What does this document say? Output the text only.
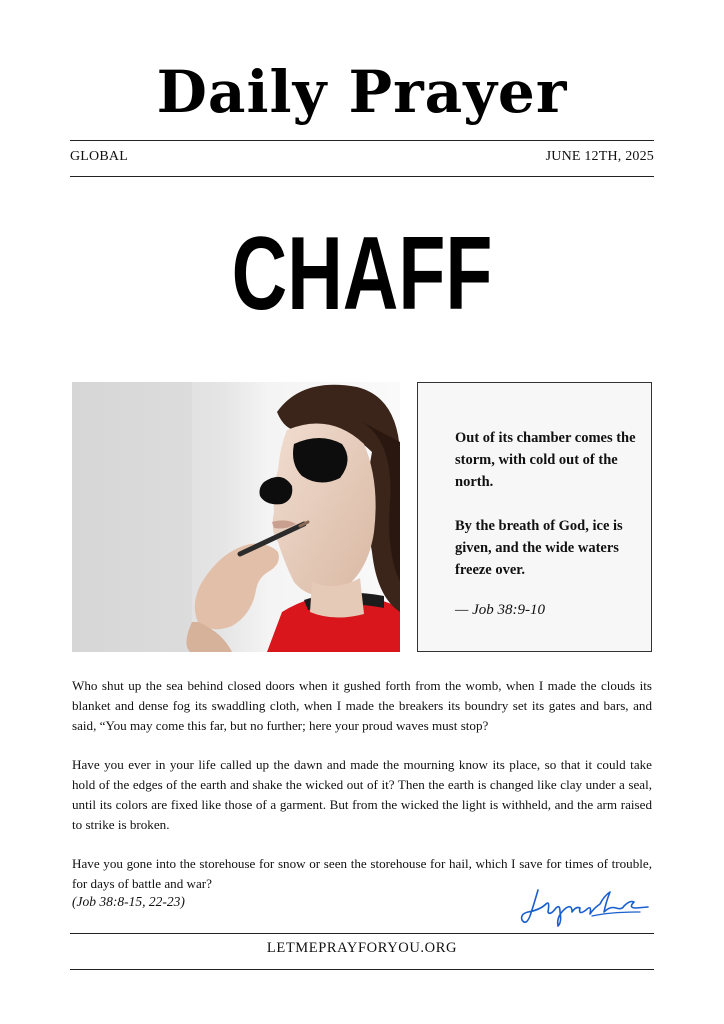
Daily Prayer
GLOBAL	JUNE 12TH, 2025
CHAFF

Out of its chamber comes the storm, with cold out of the north.

By the breath of God, ice is given, and the wide waters freeze over.

— Job 38:9-10

Who shut up the sea behind closed doors when it gushed forth from the womb, when I made the clouds its blanket and dense fog its swaddling cloth, when I made the breakers its boundry set its gates and bars, and said, “You may come this far, but no further; here your proud waves must stop?

Have you ever in your life called up the dawn and made the mourning know its place, so that it could take hold of the edges of the earth and shake the wicked out of it? Then the earth is changed like clay under a seal, until its colors are fixed like those of a garment. But from the wicked the light is withheld, and the arm raised to strike is broken.

Have you gone into the storehouse for snow or seen the storehouse for hail, which I save for times of trouble, for days of battle and war?

(Job 38:8-15, 22-23)
LETMEPRAYFORYOU.ORG
